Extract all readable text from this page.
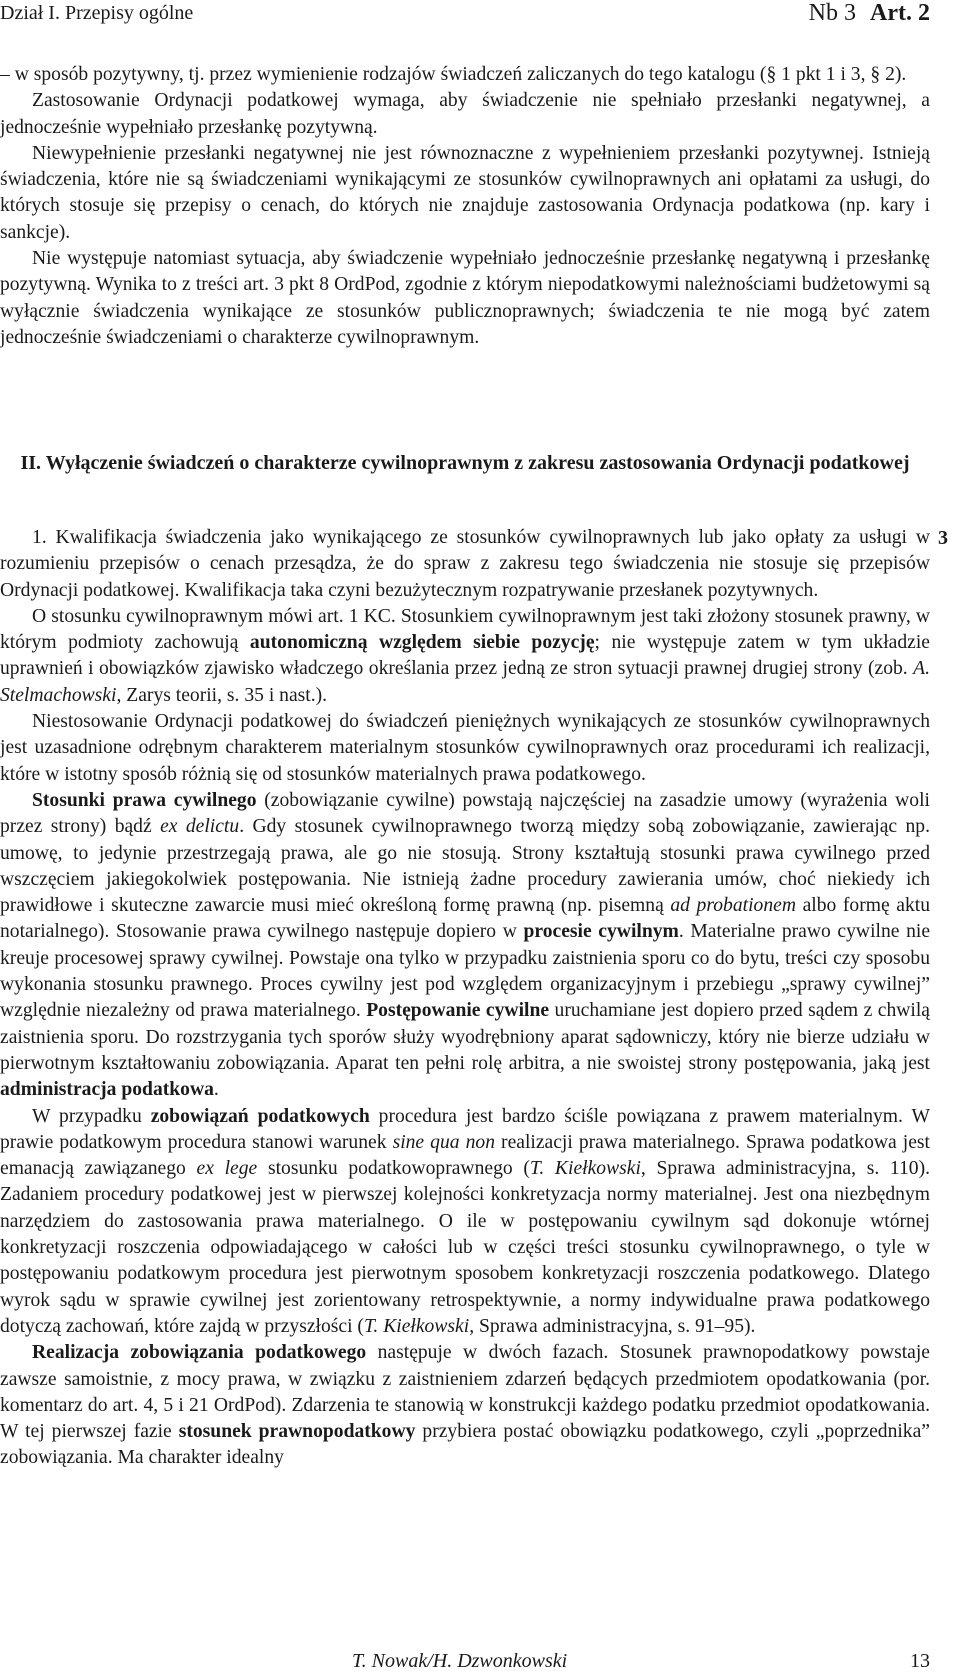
Dział I. Przepisy ogólne	Nb 3 Art. 2

– w sposób pozytywny, tj. przez wymienienie rodzajów świadczeń zaliczanych do tego katalogu (§ 1 pkt 1 i 3, § 2).

Zastosowanie Ordynacji podatkowej wymaga, aby świadczenie nie spełniało przesłanki negatywnej, a jednocześnie wypełniało przesłankę pozytywną.

Niewypełnienie przesłanki negatywnej nie jest równoznaczne z wypełnieniem przesłanki pozytywnej. Istnieją świadczenia, które nie są świadczeniami wynikającymi ze stosunków cywilnoprawnych ani opłatami za usługi, do których stosuje się przepisy o cenach, do których nie znajduje zastosowania Ordynacja podatkowa (np. kary i sankcje).

Nie występuje natomiast sytuacja, aby świadczenie wypełniało jednocześnie przesłankę negatywną i przesłankę pozytywną. Wynika to z treści art. 3 pkt 8 OrdPod, zgodnie z którym niepodatkowymi należnościami budżetowymi są wyłącznie świadczenia wynikające ze stosunków publicznoprawnych; świadczenia te nie mogą być zatem jednocześnie świadczeniami o charakterze cywilnoprawnym.

II. Wyłączenie świadczeń o charakterze cywilnoprawnym z zakresu zastosowania Ordynacji podatkowej
3

1. Kwalifikacja świadczenia jako wynikającego ze stosunków cywilnoprawnych lub jako opłaty za usługi w rozumieniu przepisów o cenach przesądza, że do spraw z zakresu tego świadczenia nie stosuje się przepisów Ordynacji podatkowej. Kwalifikacja taka czyni bezużytecznym rozpatrywanie przesłanek pozytywnych.

O stosunku cywilnoprawnym mówi art. 1 KC. Stosunkiem cywilnoprawnym jest taki złożony stosunek prawny, w którym podmioty zachowują autonomiczną względem siebie pozycję; nie występuje zatem w tym układzie uprawnień i obowiązków zjawisko władczego określania przez jedną ze stron sytuacji prawnej drugiej strony (zob. A. Stelmachowski, Zarys teorii, s. 35 i nast.).

Niestosowanie Ordynacji podatkowej do świadczeń pieniężnych wynikających ze stosunków cywilnoprawnych jest uzasadnione odrębnym charakterem materialnym stosunków cywilnoprawnych oraz procedurami ich realizacji, które w istotny sposób różnią się od stosunków materialnych prawa podatkowego.

Stosunki prawa cywilnego (zobowiązanie cywilne) powstają najczęściej na zasadzie umowy (wyrażenia woli przez strony) bądź ex delictu. Gdy stosunek cywilnoprawnego tworzą między sobą zobowiązanie, zawierając np. umowę, to jedynie przestrzegają prawa, ale go nie stosują. Strony kształtują stosunki prawa cywilnego przed wszczęciem jakiegokolwiek postępowania. Nie istnieją żadne procedury zawierania umów, choć niekiedy ich prawidłowe i skuteczne zawarcie musi mieć określoną formę prawną (np. pisemną ad probationem albo formę aktu notarialnego). Stosowanie prawa cywilnego następuje dopiero w procesie cywilnym. Materialne prawo cywilne nie kreuje procesowej sprawy cywilnej. Powstaje ona tylko w przypadku zaistnienia sporu co do bytu, treści czy sposobu wykonania stosunku prawnego. Proces cywilny jest pod względem organizacyjnym i przebiegu „sprawy cywilnej” względnie niezależny od prawa materialnego. Postępowanie cywilne uruchamiane jest dopiero przed sądem z chwilą zaistnienia sporu. Do rozstrzygania tych sporów służy wyodrębniony aparat sądowniczy, który nie bierze udziału w pierwotnym kształtowaniu zobowiązania. Aparat ten pełni rolę arbitra, a nie swoistej strony postępowania, jaką jest administracja podatkowa.

W przypadku zobowiązań podatkowych procedura jest bardzo ściśle powiązana z prawem materialnym. W prawie podatkowym procedura stanowi warunek sine qua non realizacji prawa materialnego. Sprawa podatkowa jest emanacją zawiązanego ex lege stosunku podatkowoprawnego (T. Kiełkowski, Sprawa administracyjna, s. 110). Zadaniem procedury podatkowej jest w pierwszej kolejności konkretyzacja normy materialnej. Jest ona niezbędnym narzędziem do zastosowania prawa materialnego. O ile w postępowaniu cywilnym sąd dokonuje wtórnej konkretyzacji roszczenia odpowiadającego w całości lub w części treści stosunku cywilnoprawnego, o tyle w postępowaniu podatkowym procedura jest pierwotnym sposobem konkretyzacji roszczenia podatkowego. Dlatego wyrok sądu w sprawie cywilnej jest zorientowany retrospektywnie, a normy indywidualne prawa podatkowego dotyczą zachowań, które zajdą w przyszłości (T. Kiełkowski, Sprawa administracyjna, s. 91–95).

Realizacja zobowiązania podatkowego następuje w dwóch fazach. Stosunek prawnopodatkowy powstaje zawsze samoistnie, z mocy prawa, w związku z zaistnieniem zdarzeń będących przedmiotem opodatkowania (por. komentarz do art. 4, 5 i 21 OrdPod). Zdarzenia te stanowią w konstrukcji każdego podatku przedmiot opodatkowania. W tej pierwszej fazie stosunek prawnopodatkowy przybiera postać obowiązku podatkowego, czyli „poprzednika” zobowiązania. Ma charakter idealny

T. Nowak/H. Dzwonkowski	13
